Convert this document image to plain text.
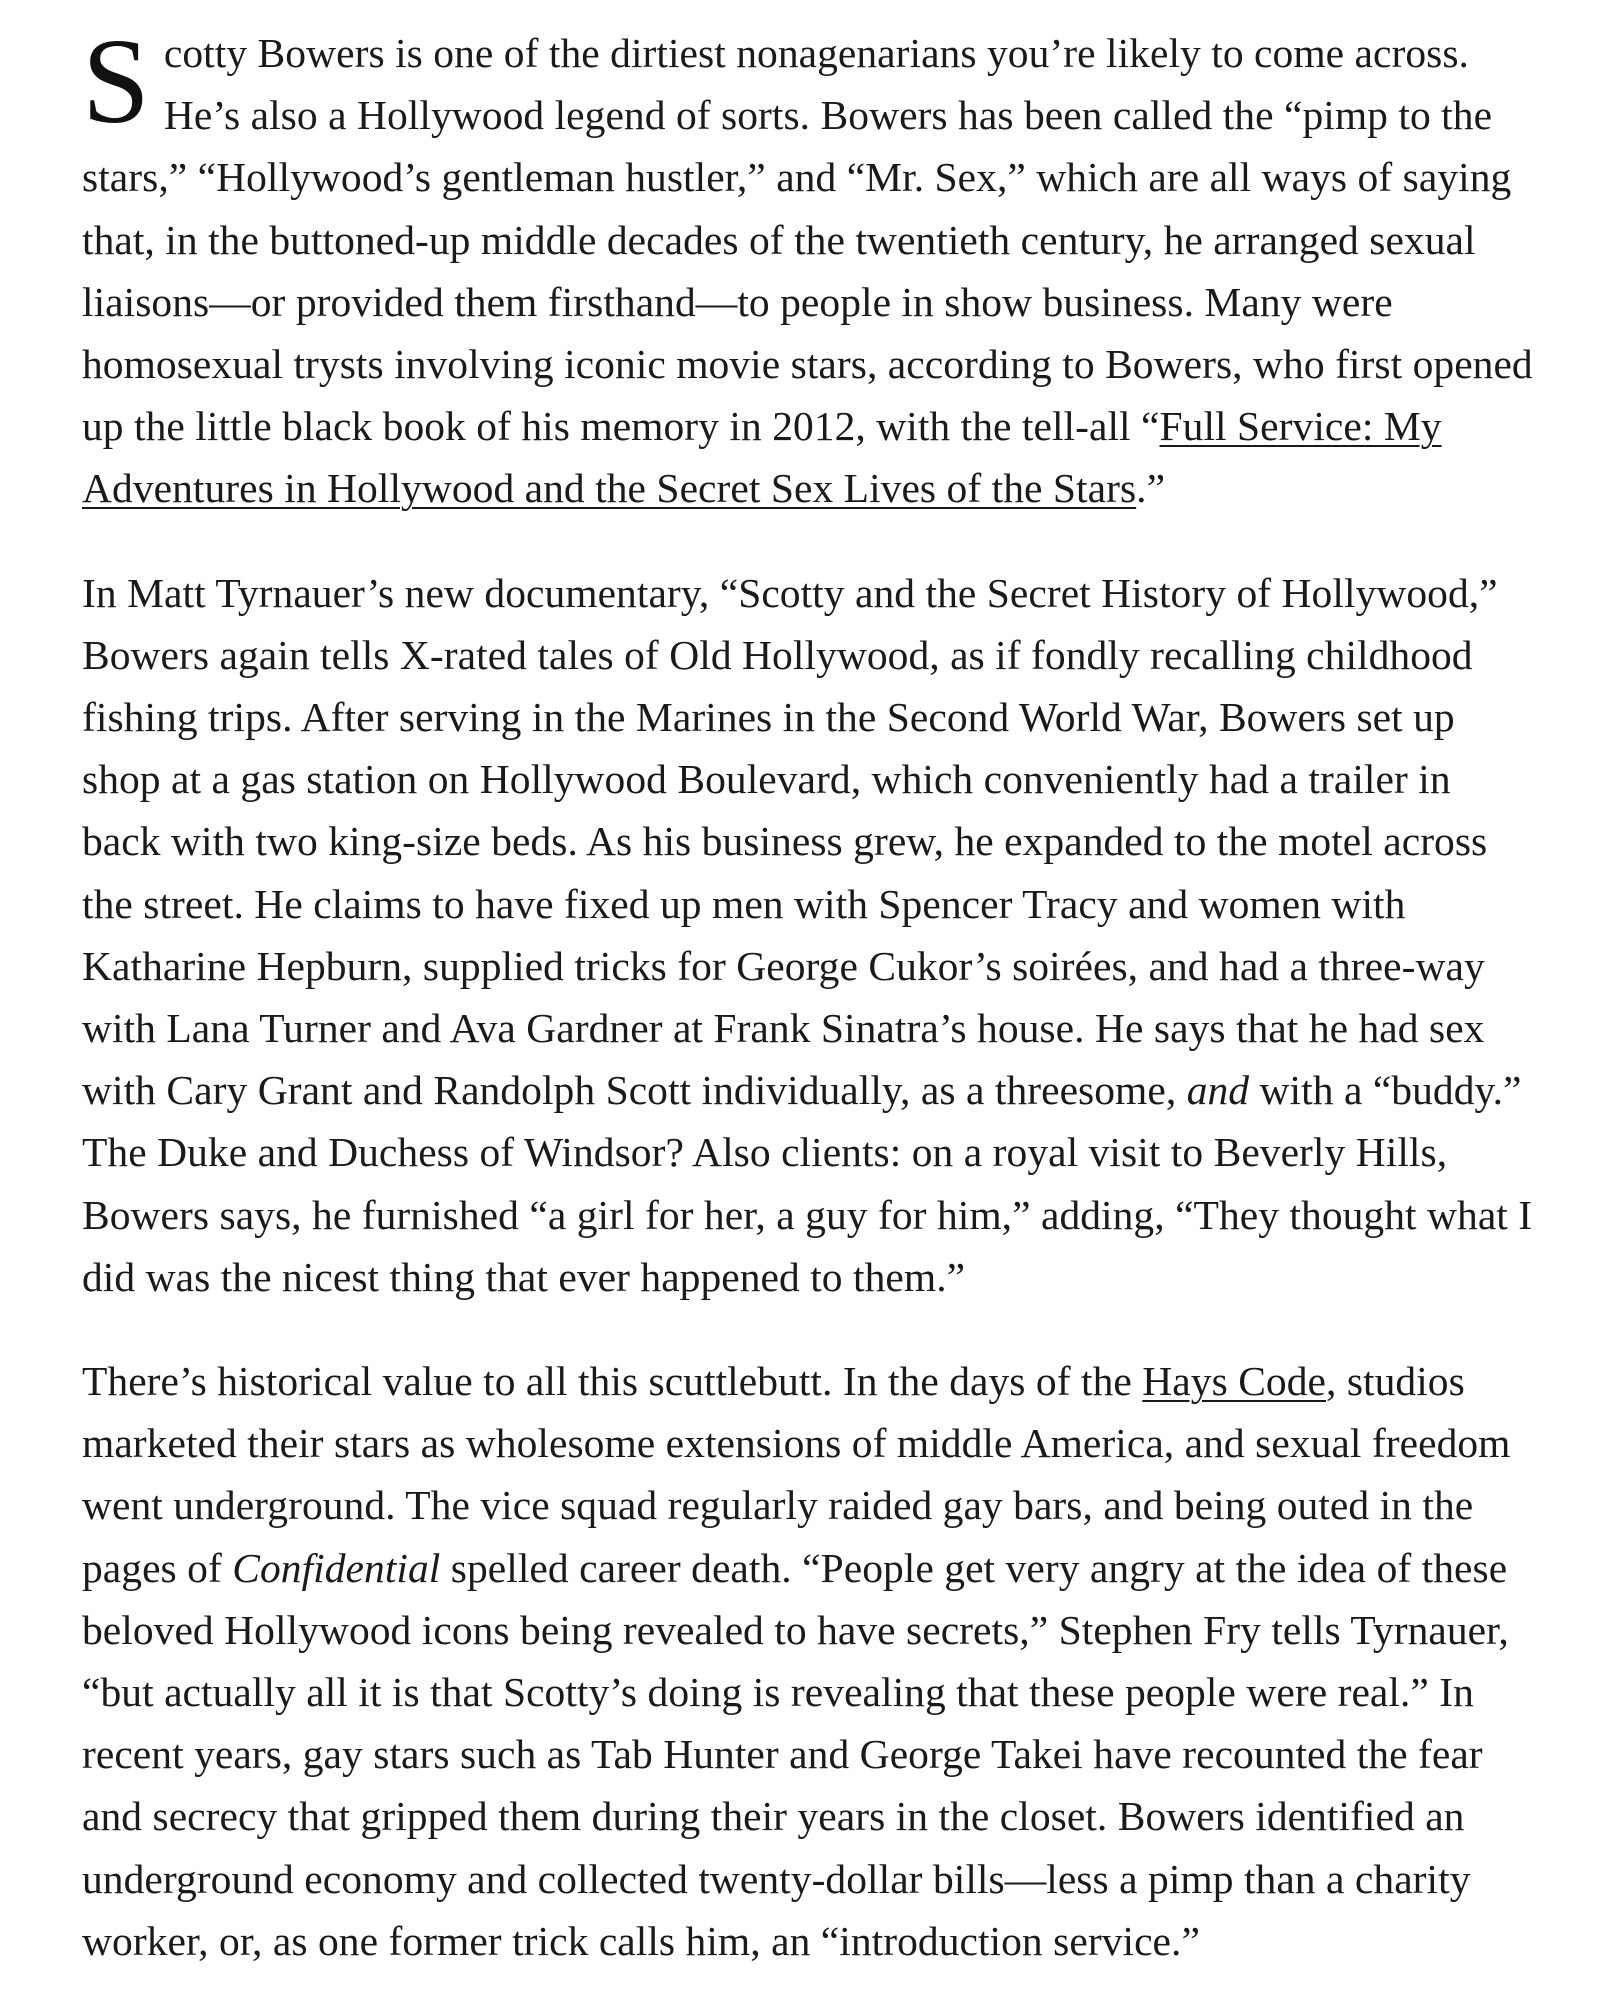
Scotty Bowers is one of the dirtiest nonagenarians you’re likely to come across. He’s also a Hollywood legend of sorts. Bowers has been called the “pimp to the stars,” “Hollywood’s gentleman hustler,” and “Mr. Sex,” which are all ways of saying that, in the buttoned-up middle decades of the twentieth century, he arranged sexual liaisons—or provided them firsthand—to people in show business. Many were homosexual trysts involving iconic movie stars, according to Bowers, who first opened up the little black book of his memory in 2012, with the tell-all “Full Service: My Adventures in Hollywood and the Secret Sex Lives of the Stars.”

In Matt Tyrnauer’s new documentary, “Scotty and the Secret History of Hollywood,” Bowers again tells X-rated tales of Old Hollywood, as if fondly recalling childhood fishing trips. After serving in the Marines in the Second World War, Bowers set up shop at a gas station on Hollywood Boulevard, which conveniently had a trailer in back with two king-size beds. As his business grew, he expanded to the motel across the street. He claims to have fixed up men with Spencer Tracy and women with Katharine Hepburn, supplied tricks for George Cukor’s soirées, and had a three-way with Lana Turner and Ava Gardner at Frank Sinatra’s house. He says that he had sex with Cary Grant and Randolph Scott individually, as a threesome, and with a “buddy.” The Duke and Duchess of Windsor? Also clients: on a royal visit to Beverly Hills, Bowers says, he furnished “a girl for her, a guy for him,” adding, “They thought what I did was the nicest thing that ever happened to them.”

There’s historical value to all this scuttlebutt. In the days of the Hays Code, studios marketed their stars as wholesome extensions of middle America, and sexual freedom went underground. The vice squad regularly raided gay bars, and being outed in the pages of Confidential spelled career death. “People get very angry at the idea of these beloved Hollywood icons being revealed to have secrets,” Stephen Fry tells Tyrnauer, “but actually all it is that Scotty’s doing is revealing that these people were real.” In recent years, gay stars such as Tab Hunter and George Takei have recounted the fear and secrecy that gripped them during their years in the closet. Bowers identified an underground economy and collected twenty-dollar bills—less a pimp than a charity worker, or, as one former trick calls him, an “introduction service.”
